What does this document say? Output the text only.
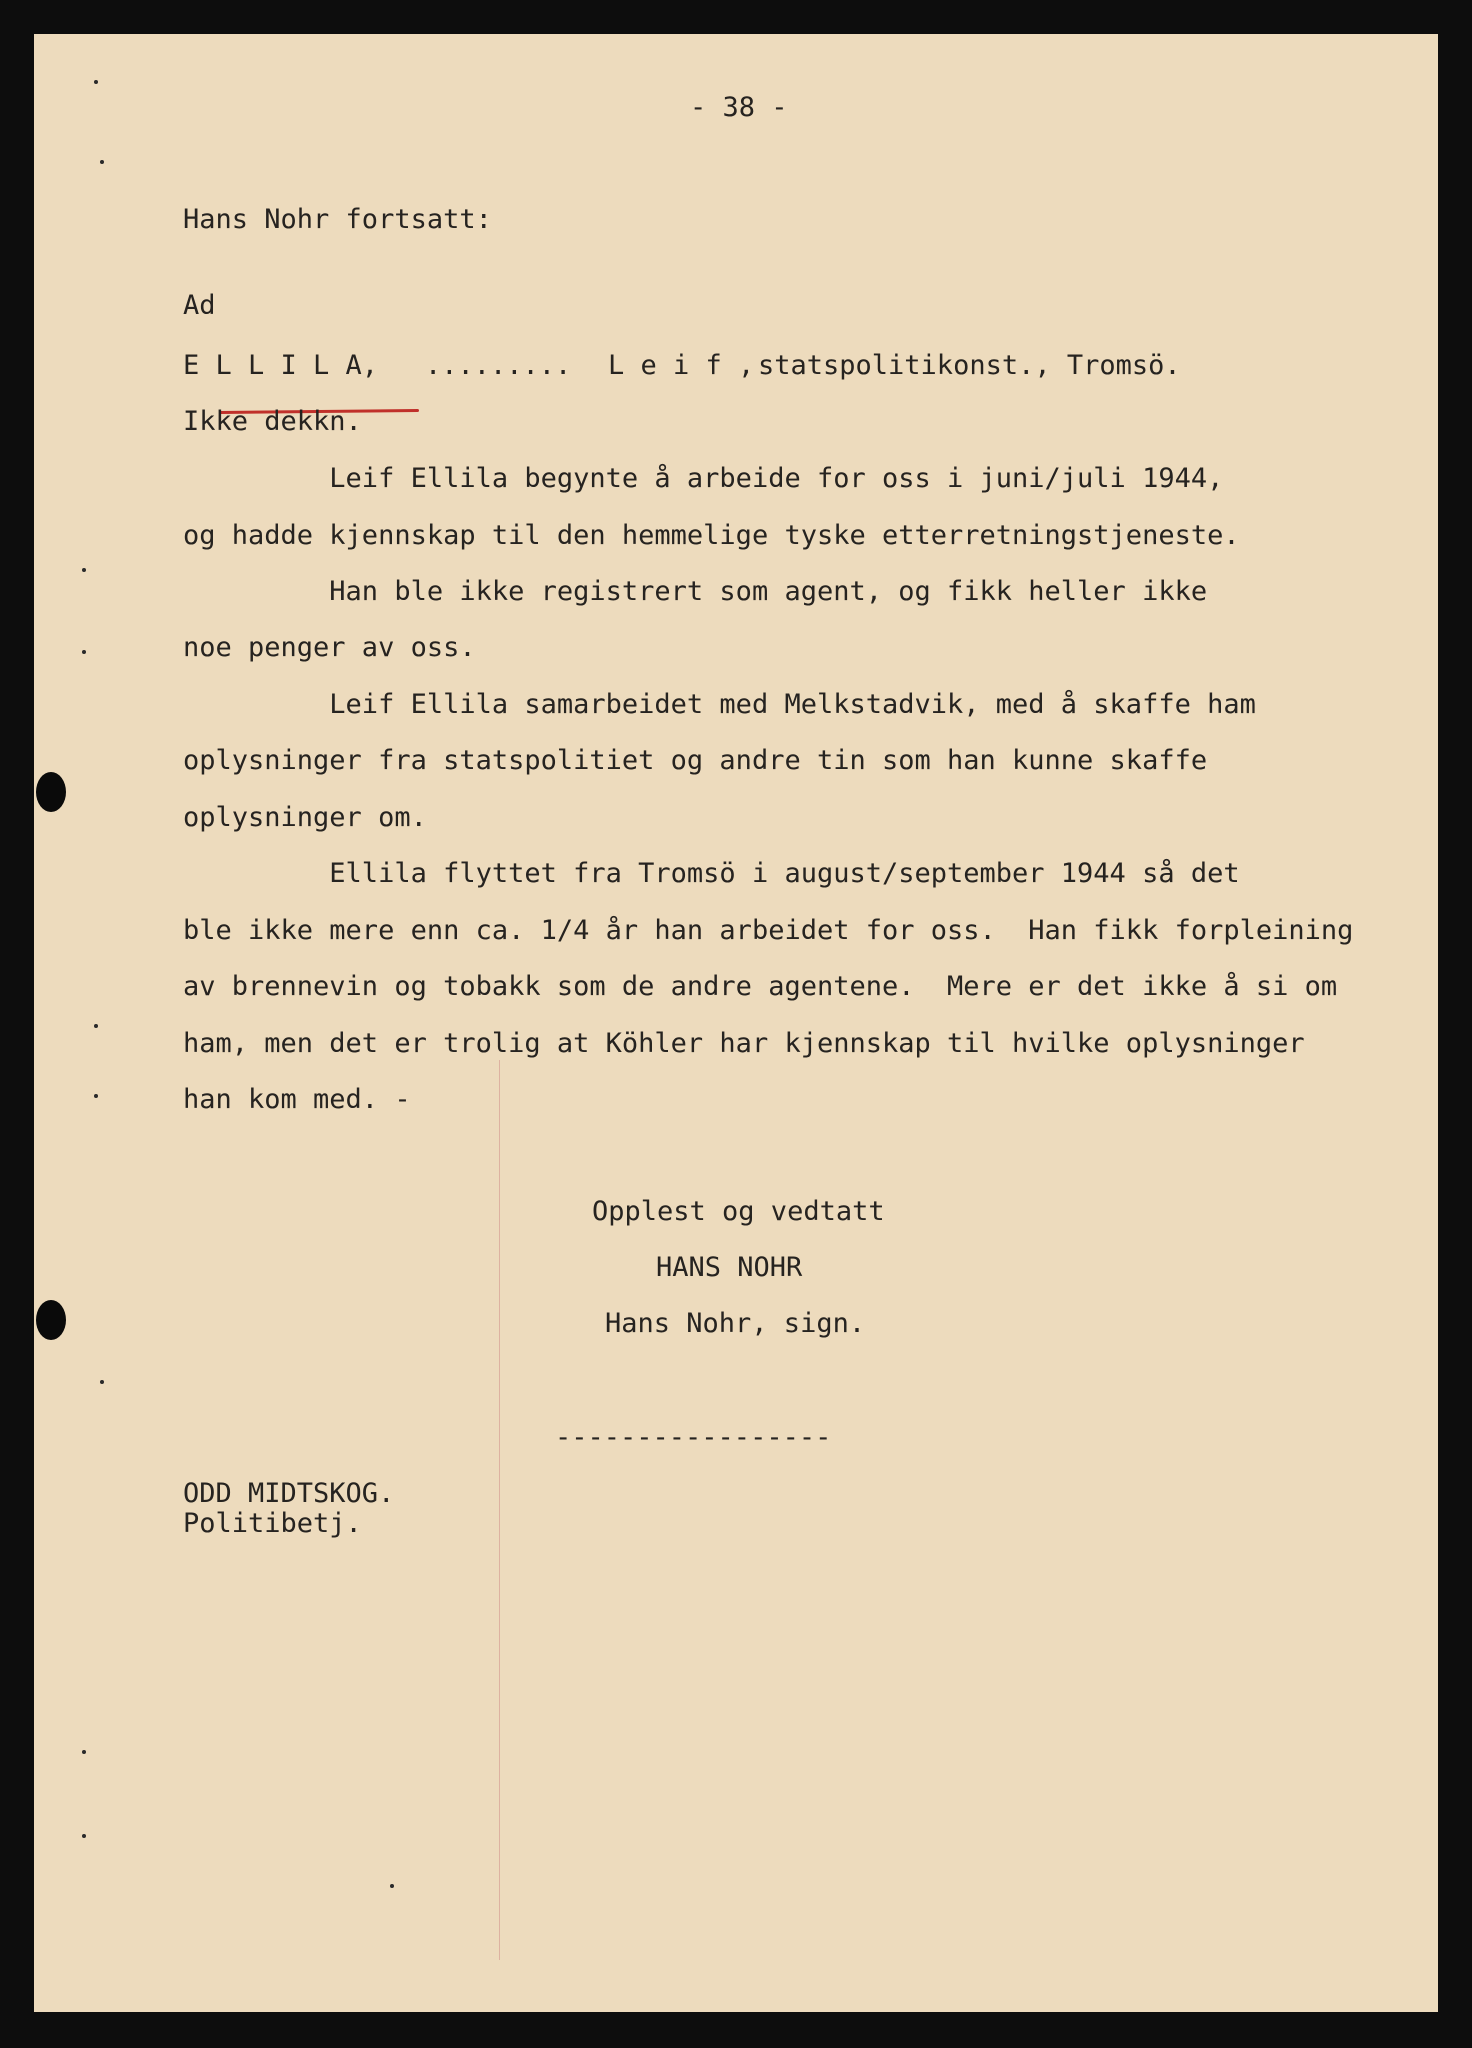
- 38 -
Hans Nohr fortsatt:
Ad
E L L I L A, ......... L e i f , statspolitikonst., Tromsö.
Ikke dekkn.
Leif Ellila begynte å arbeide for oss i juni/juli 1944,
og hadde kjennskap til den hemmelige tyske etterretningstjeneste.
Han ble ikke registrert som agent, og fikk heller ikke
noe penger av oss.
Leif Ellila samarbeidet med Melkstadvik, med å skaffe ham
oplysninger fra statspolitiet og andre tin som han kunne skaffe
oplysninger om.
Ellila flyttet fra Tromsö i august/september 1944 så det
ble ikke mere enn ca. 1/4 år han arbeidet for oss.  Han fikk forpleining
av brennevin og tobakk som de andre agentene.  Mere er det ikke å si om
ham, men det er trolig at Köhler har kjennskap til hvilke oplysninger
han kom med. -
Opplest og vedtatt
HANS NOHR
Hans Nohr, sign.
-----------------
ODD MIDTSKOG.
Politibetj.
